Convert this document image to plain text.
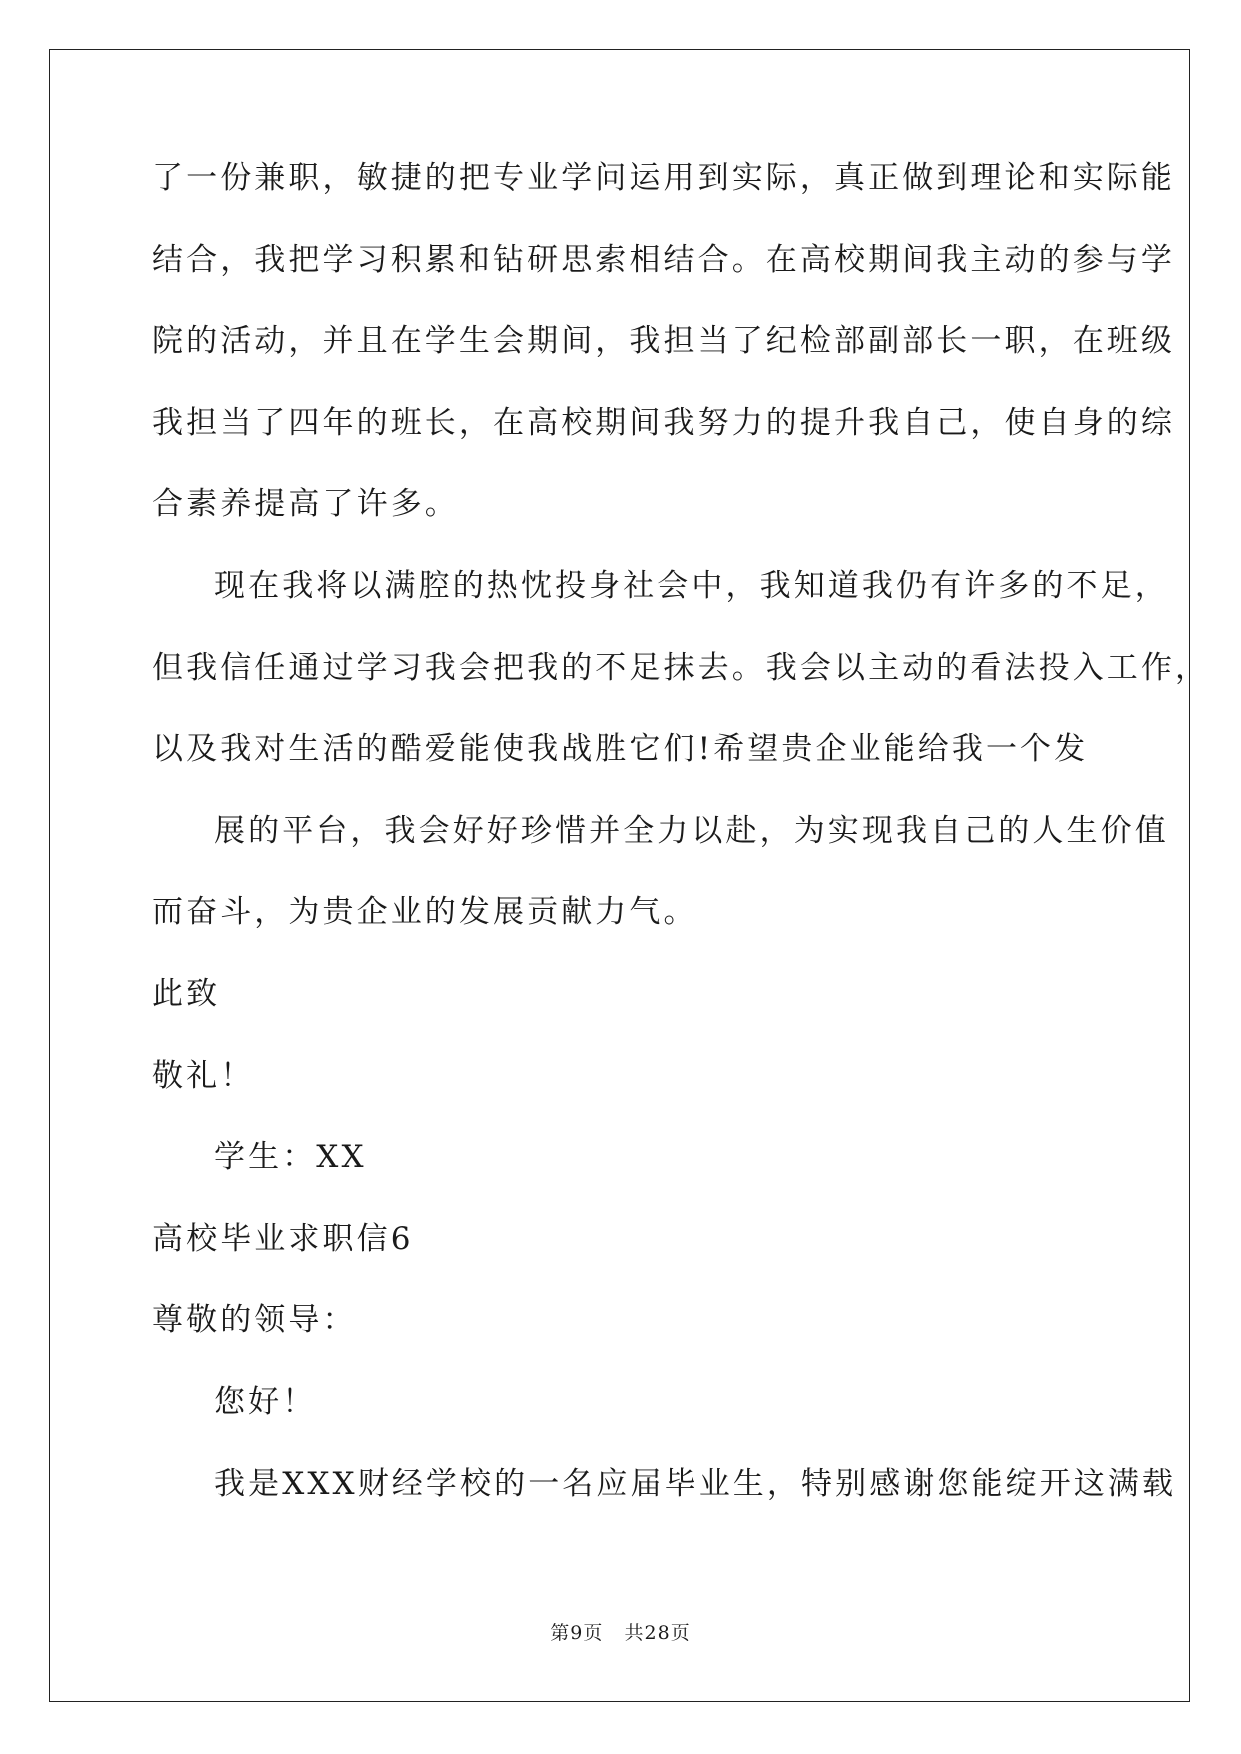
了一份兼职，敏捷的把专业学问运用到实际，真正做到理论和实际能
结合，我把学习积累和钻研思索相结合。在高校期间我主动的参与学
院的活动，并且在学生会期间，我担当了纪检部副部长一职，在班级
我担当了四年的班长，在高校期间我努力的提升我自己，使自身的综
合素养提高了许多。
现在我将以满腔的热忱投身社会中，我知道我仍有许多的不足，
但我信任通过学习我会把我的不足抹去。我会以主动的看法投入工作，
以及我对生活的酷爱能使我战胜它们!希望贵企业能给我一个发
展的平台，我会好好珍惜并全力以赴，为实现我自己的人生价值
而奋斗，为贵企业的发展贡献力气。
此致
敬礼！
学生：XX
高校毕业求职信6
尊敬的领导：
您好！
我是XXX财经学校的一名应届毕业生，特别感谢您能绽开这满载
第9页 共28页
